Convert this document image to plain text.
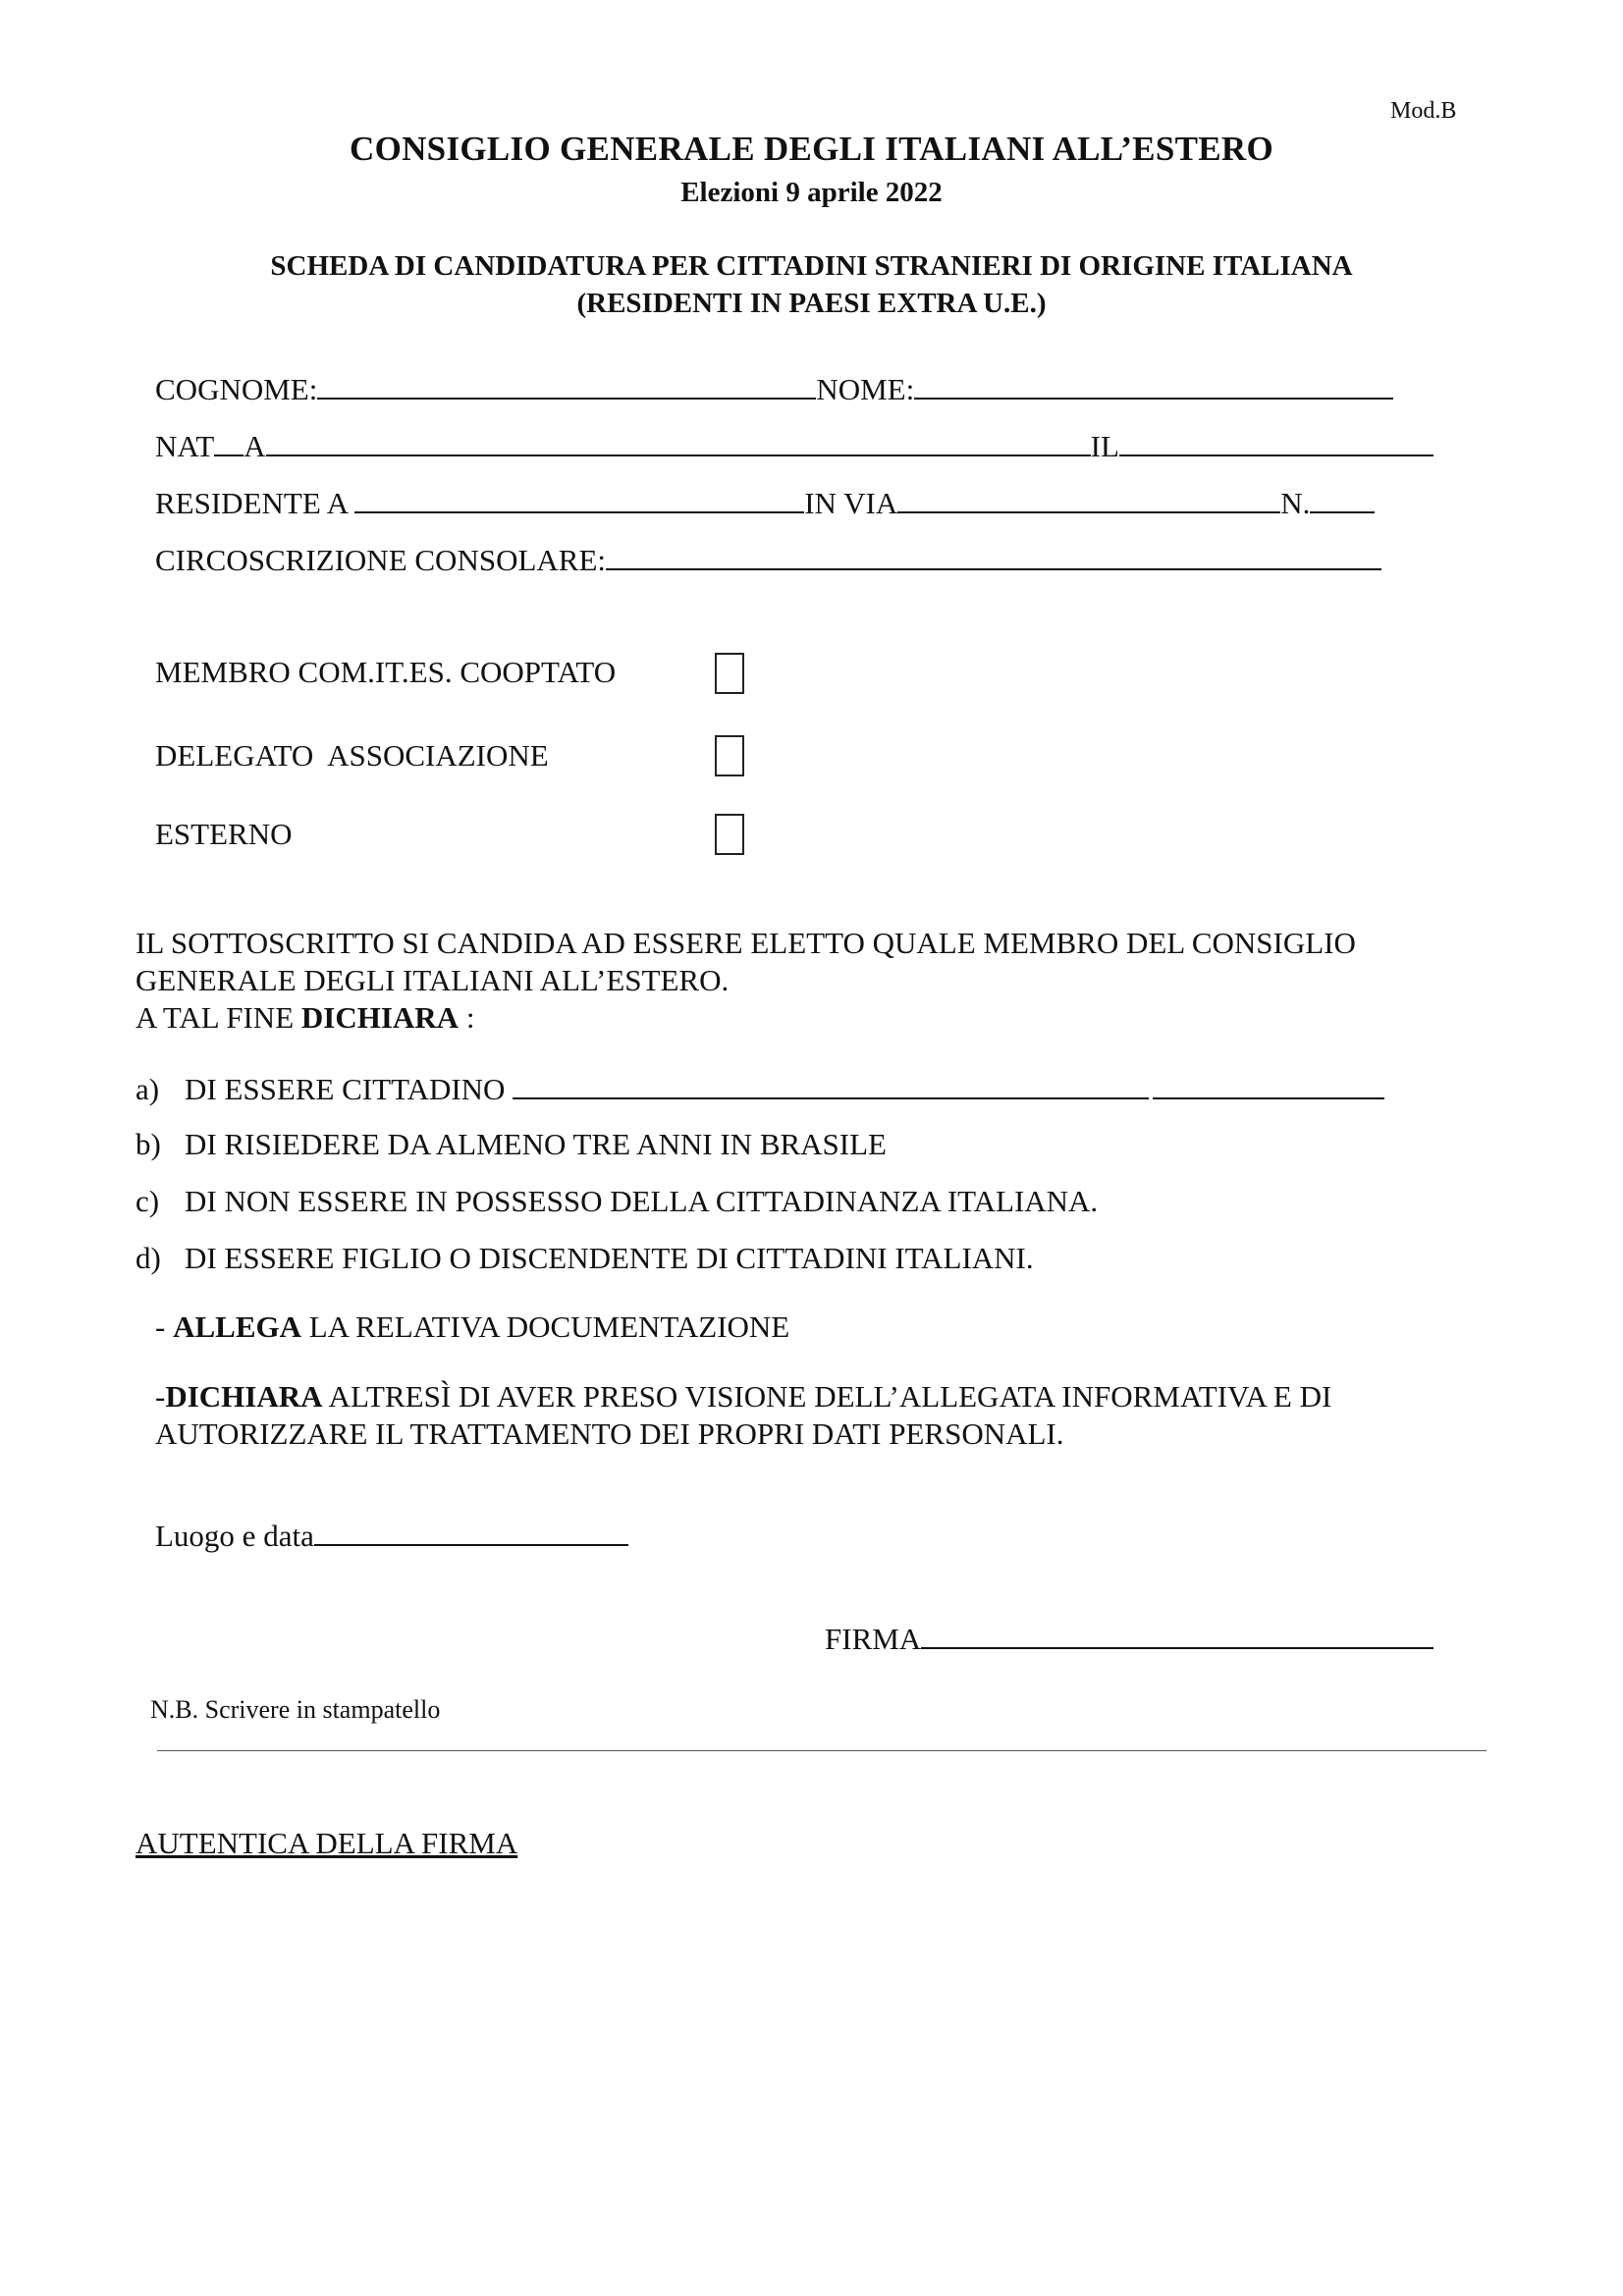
Mod.B
CONSIGLIO GENERALE DEGLI ITALIANI ALL’ESTERO
Elezioni 9 aprile 2022
SCHEDA DI CANDIDATURA PER CITTADINI STRANIERI DI ORIGINE ITALIANA
(RESIDENTI IN PAESI EXTRA U.E.)
COGNOME:	NOME:
NAT A	IL
RESIDENTE A	IN VIA	N.
CIRCOSCRIZIONE CONSOLARE:
MEMBRO COM.IT.ES. COOPTATO
DELEGATO  ASSOCIAZIONE
ESTERNO
IL SOTTOSCRITTO SI CANDIDA AD ESSERE ELETTO QUALE MEMBRO DEL CONSIGLIO
GENERALE DEGLI ITALIANI ALL’ESTERO.
A TAL FINE DICHIARA :
a) DI ESSERE CITTADINO
b) DI RISIEDERE DA ALMENO TRE ANNI IN BRASILE
c) DI NON ESSERE IN POSSESSO DELLA CITTADINANZA ITALIANA.
d) DI ESSERE FIGLIO O DISCENDENTE DI CITTADINI ITALIANI.
- ALLEGA LA RELATIVA DOCUMENTAZIONE
-DICHIARA ALTRESÌ DI AVER PRESO VISIONE DELL’ALLEGATA INFORMATIVA E DI
AUTORIZZARE IL TRATTAMENTO DEI PROPRI DATI PERSONALI.
Luogo e data
FIRMA
N.B. Scrivere in stampatello
AUTENTICA DELLA FIRMA
